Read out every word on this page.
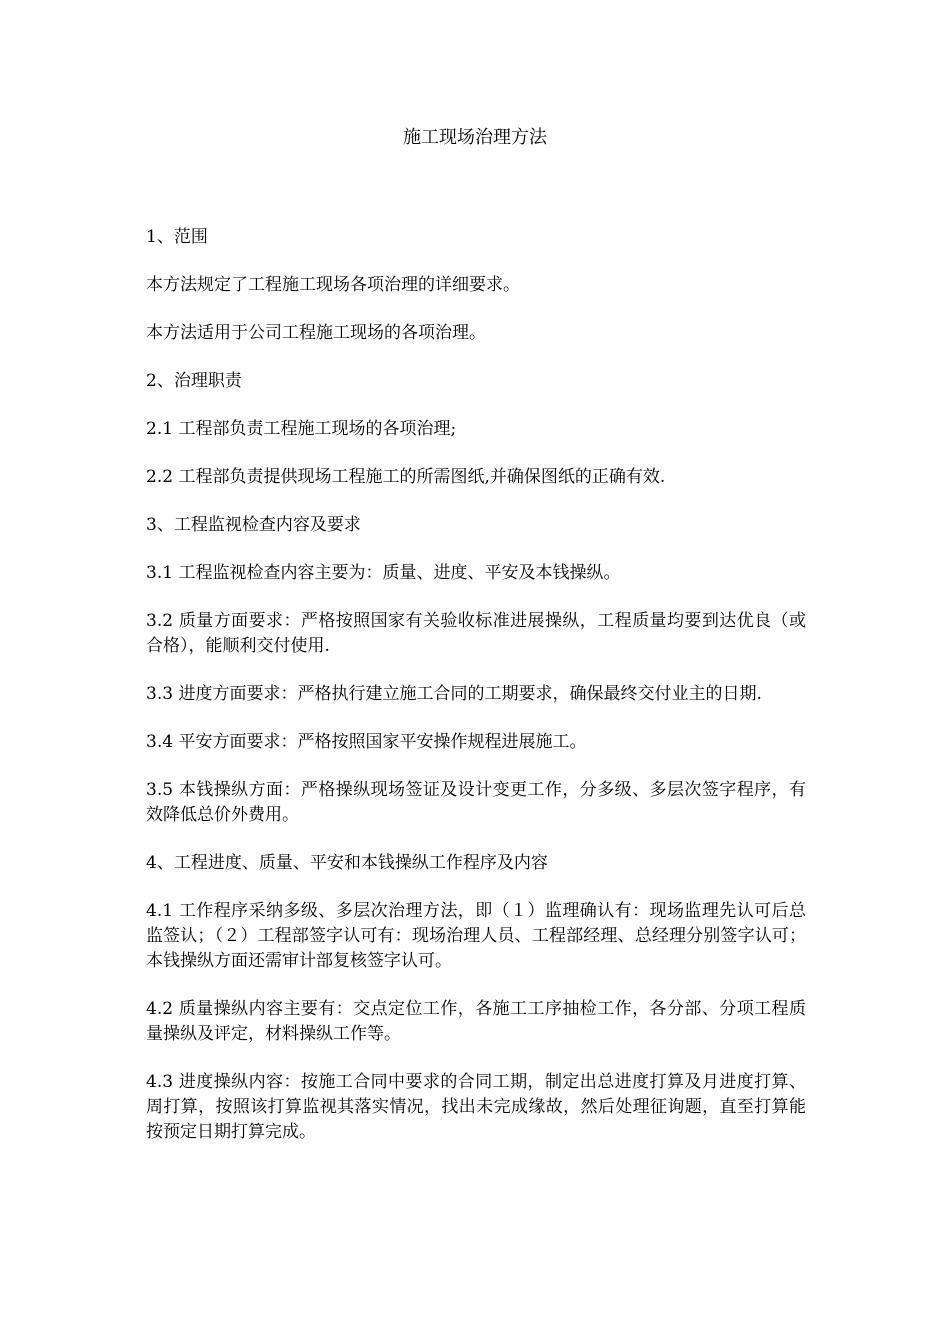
施工现场治理方法

1、范围

本方法规定了工程施工现场各项治理的详细要求。

本方法适用于公司工程施工现场的各项治理。

2、治理职责

2.1 工程部负责工程施工现场的各项治理;

2.2 工程部负责提供现场工程施工的所需图纸,并确保图纸的正确有效.

3、工程监视检查内容及要求

3.1 工程监视检查内容主要为：质量、进度、平安及本钱操纵。

3.2 质量方面要求：严格按照国家有关验收标准进展操纵，工程质量均要到达优良（或合格），能顺利交付使用.

3.3 进度方面要求：严格执行建立施工合同的工期要求，确保最终交付业主的日期.

3.4 平安方面要求：严格按照国家平安操作规程进展施工。

3.5 本钱操纵方面：严格操纵现场签证及设计变更工作，分多级、多层次签字程序，有效降低总价外费用。

4、工程进度、质量、平安和本钱操纵工作程序及内容

4.1 工作程序采纳多级、多层次治理方法，即（１）监理确认有：现场监理先认可后总监签认；（２）工程部签字认可有：现场治理人员、工程部经理、总经理分别签字认可；本钱操纵方面还需审计部复核签字认可。

4.2 质量操纵内容主要有：交点定位工作，各施工工序抽检工作，各分部、分项工程质量操纵及评定，材料操纵工作等。

4.3 进度操纵内容：按施工合同中要求的合同工期，制定出总进度打算及月进度打算、周打算，按照该打算监视其落实情况，找出未完成缘故，然后处理征询题，直至打算能按预定日期打算完成。
